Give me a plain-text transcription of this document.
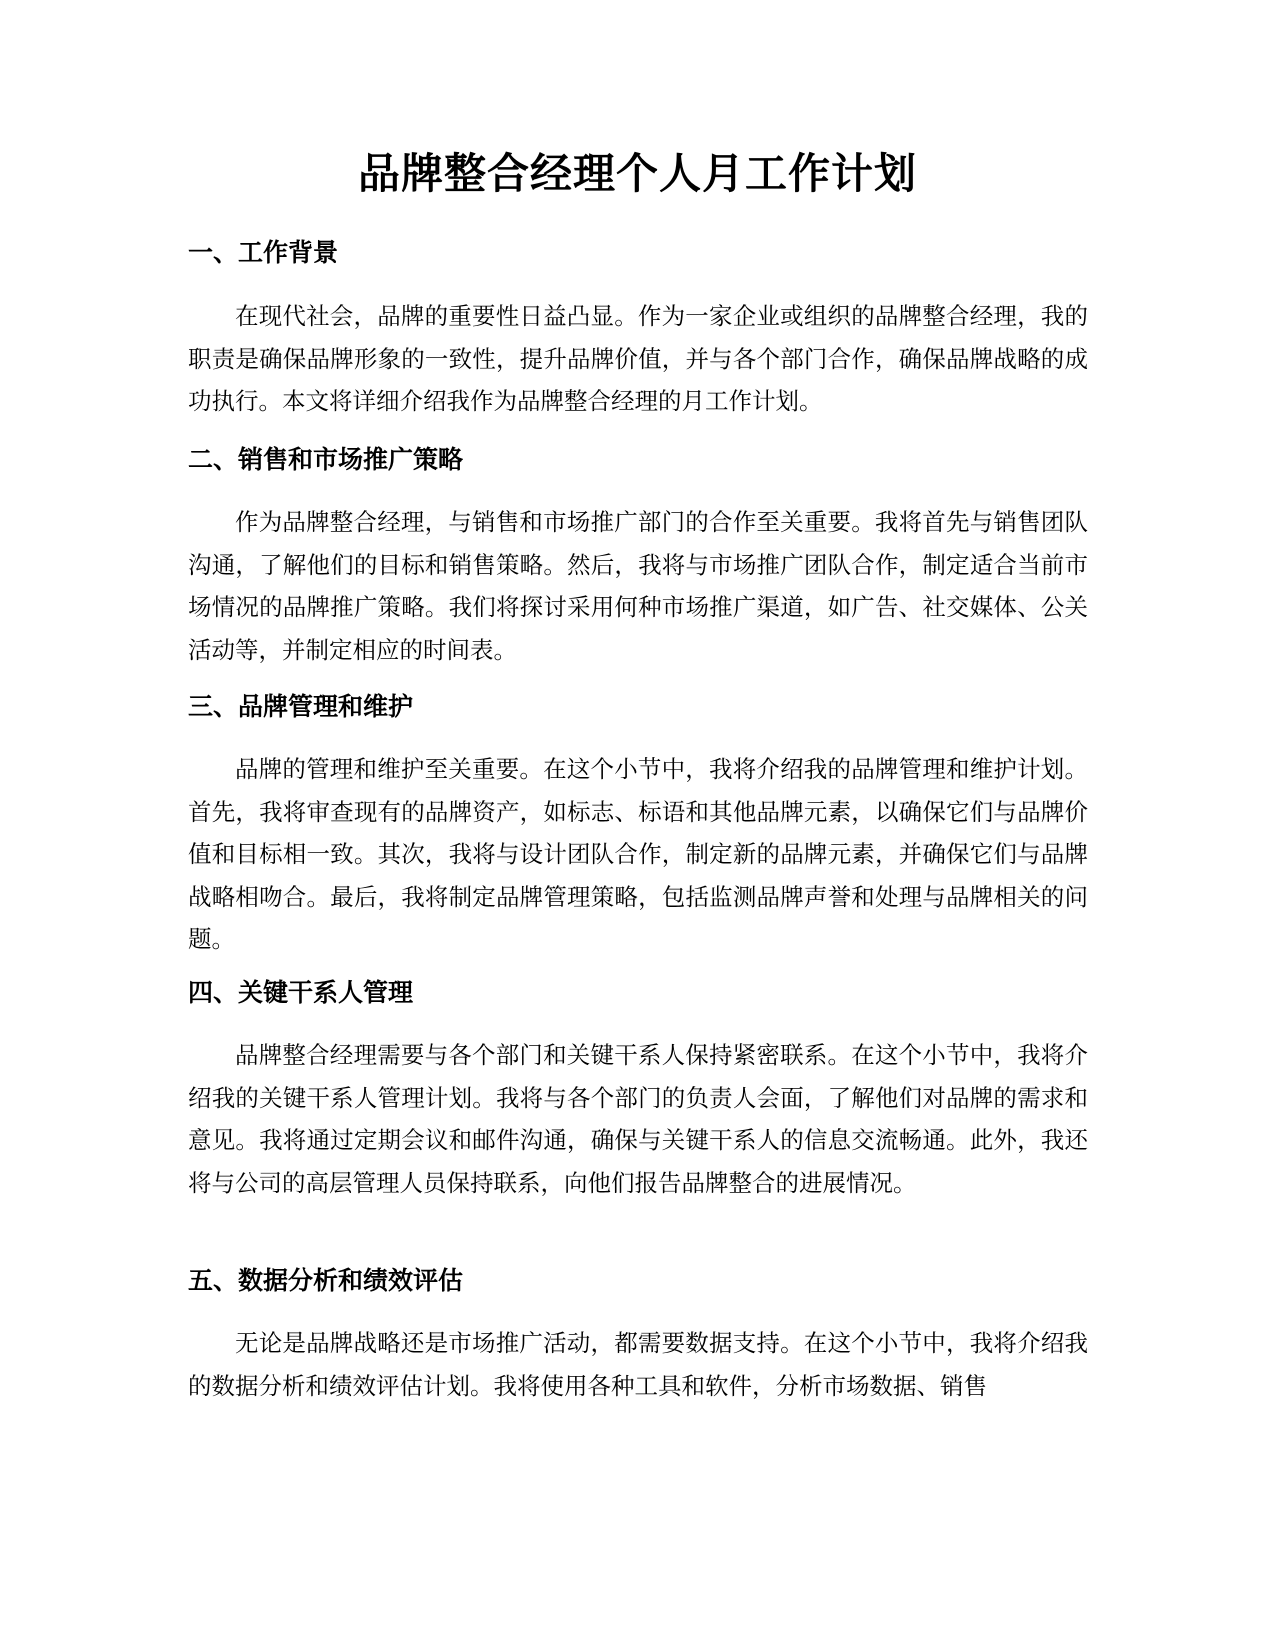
品牌整合经理个人月工作计划
一、工作背景

在现代社会，品牌的重要性日益凸显。作为一家企业或组织的品牌整合经理，我的职责是确保品牌形象的一致性，提升品牌价值，并与各个部门合作，确保品牌战略的成功执行。本文将详细介绍我作为品牌整合经理的月工作计划。

二、销售和市场推广策略

作为品牌整合经理，与销售和市场推广部门的合作至关重要。我将首先与销售团队沟通，了解他们的目标和销售策略。然后，我将与市场推广团队合作，制定适合当前市场情况的品牌推广策略。我们将探讨采用何种市场推广渠道，如广告、社交媒体、公关活动等，并制定相应的时间表。

三、品牌管理和维护

品牌的管理和维护至关重要。在这个小节中，我将介绍我的品牌管理和维护计划。首先，我将审查现有的品牌资产，如标志、标语和其他品牌元素，以确保它们与品牌价值和目标相一致。其次，我将与设计团队合作，制定新的品牌元素，并确保它们与品牌战略相吻合。最后，我将制定品牌管理策略，包括监测品牌声誉和处理与品牌相关的问题。

四、关键干系人管理

品牌整合经理需要与各个部门和关键干系人保持紧密联系。在这个小节中，我将介绍我的关键干系人管理计划。我将与各个部门的负责人会面，了解他们对品牌的需求和意见。我将通过定期会议和邮件沟通，确保与关键干系人的信息交流畅通。此外，我还将与公司的高层管理人员保持联系，向他们报告品牌整合的进展情况。

五、数据分析和绩效评估

无论是品牌战略还是市场推广活动，都需要数据支持。在这个小节中，我将介绍我的数据分析和绩效评估计划。我将使用各种工具和软件，分析市场数据、销售
